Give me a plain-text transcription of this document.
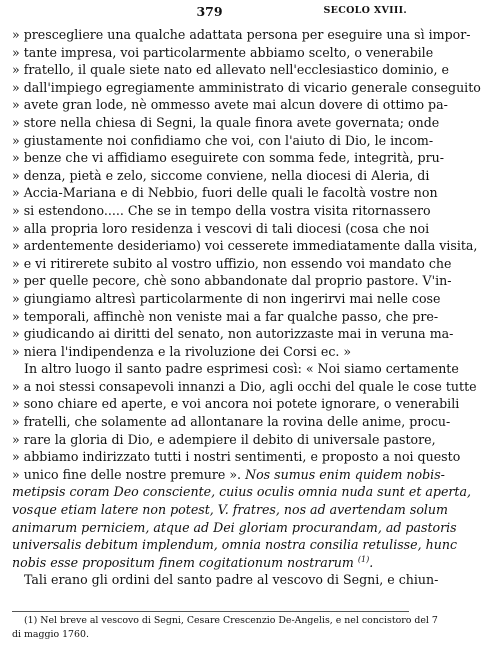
379	SECOLO XVIII.
» prescegliere una qualche adattata persona per eseguire una sì impor-
» tante impresa, voi particolarmente abbiamo scelto, o venerabile
» fratello, il quale siete nato ed allevato nell'ecclesiastico dominio, e
» dall'impiego egregiamente amministrato di vicario generale conseguito
» avete gran lode, nè ommesso avete mai alcun dovere di ottimo pa-
» store nella chiesa di Segni, la quale finora avete governata; onde
» giustamente noi confidiamo che voi, con l'aiuto di Dio, le incom-
» benze che vi affidiamo eseguirete con somma fede, integrità, pru-
» denza, pietà e zelo, siccome conviene, nella diocesi di Aleria, di
» Accia-Mariana e di Nebbio, fuori delle quali le facoltà vostre non
» si estendono..... Che se in tempo della vostra visita ritornassero
» alla propria loro residenza i vescovi di tali diocesi (cosa che noi
» ardentemente desideriamo) voi cesserete immediatamente dalla visita,
» e vi ritirerete subito al vostro uffizio, non essendo voi mandato che
» per quelle pecore, chè sono abbandonate dal proprio pastore. V'in-
» giungiamo altresì particolarmente di non ingerirvi mai nelle cose
» temporali, affinchè non veniste mai a far qualche passo, che pre-
» giudicando ai diritti del senato, non autorizzaste mai in veruna ma-
» niera l'indipendenza e la rivoluzione dei Corsi ec. »
In altro luogo il santo padre esprimesi così: « Noi siamo certamente
» a noi stessi consapevoli innanzi a Dio, agli occhi del quale le cose tutte
» sono chiare ed aperte, e voi ancora noi potete ignorare, o venerabili
» fratelli, che solamente ad allontanare la rovina delle anime, procu-
» rare la gloria di Dio, e adempiere il debito di universale pastore,
» abbiamo indirizzato tutti i nostri sentimenti, e proposto a noi questo
» unico fine delle nostre premure ». Nos sumus enim quidem nobis-
metipsis coram Deo consciente, cuius oculis omnia nuda sunt et aperta,
vosque etiam latere non potest, V. fratres, nos ad avertendam solum
animarum perniciem, atque ad Dei gloriam procurandam, ad pastoris
universalis debitum implendum, omnia nostra consilia retulisse, hunc
nobis esse propositum finem cogitationum nostrarum $^{(1)}$.
Tali erano gli ordini del santo padre al vescovo di Segni, e chiun-
(1) Nel breve al vescovo di Segni, Cesare Crescenzio De-Angelis, e nel concistoro del 7
di maggio 1760.
